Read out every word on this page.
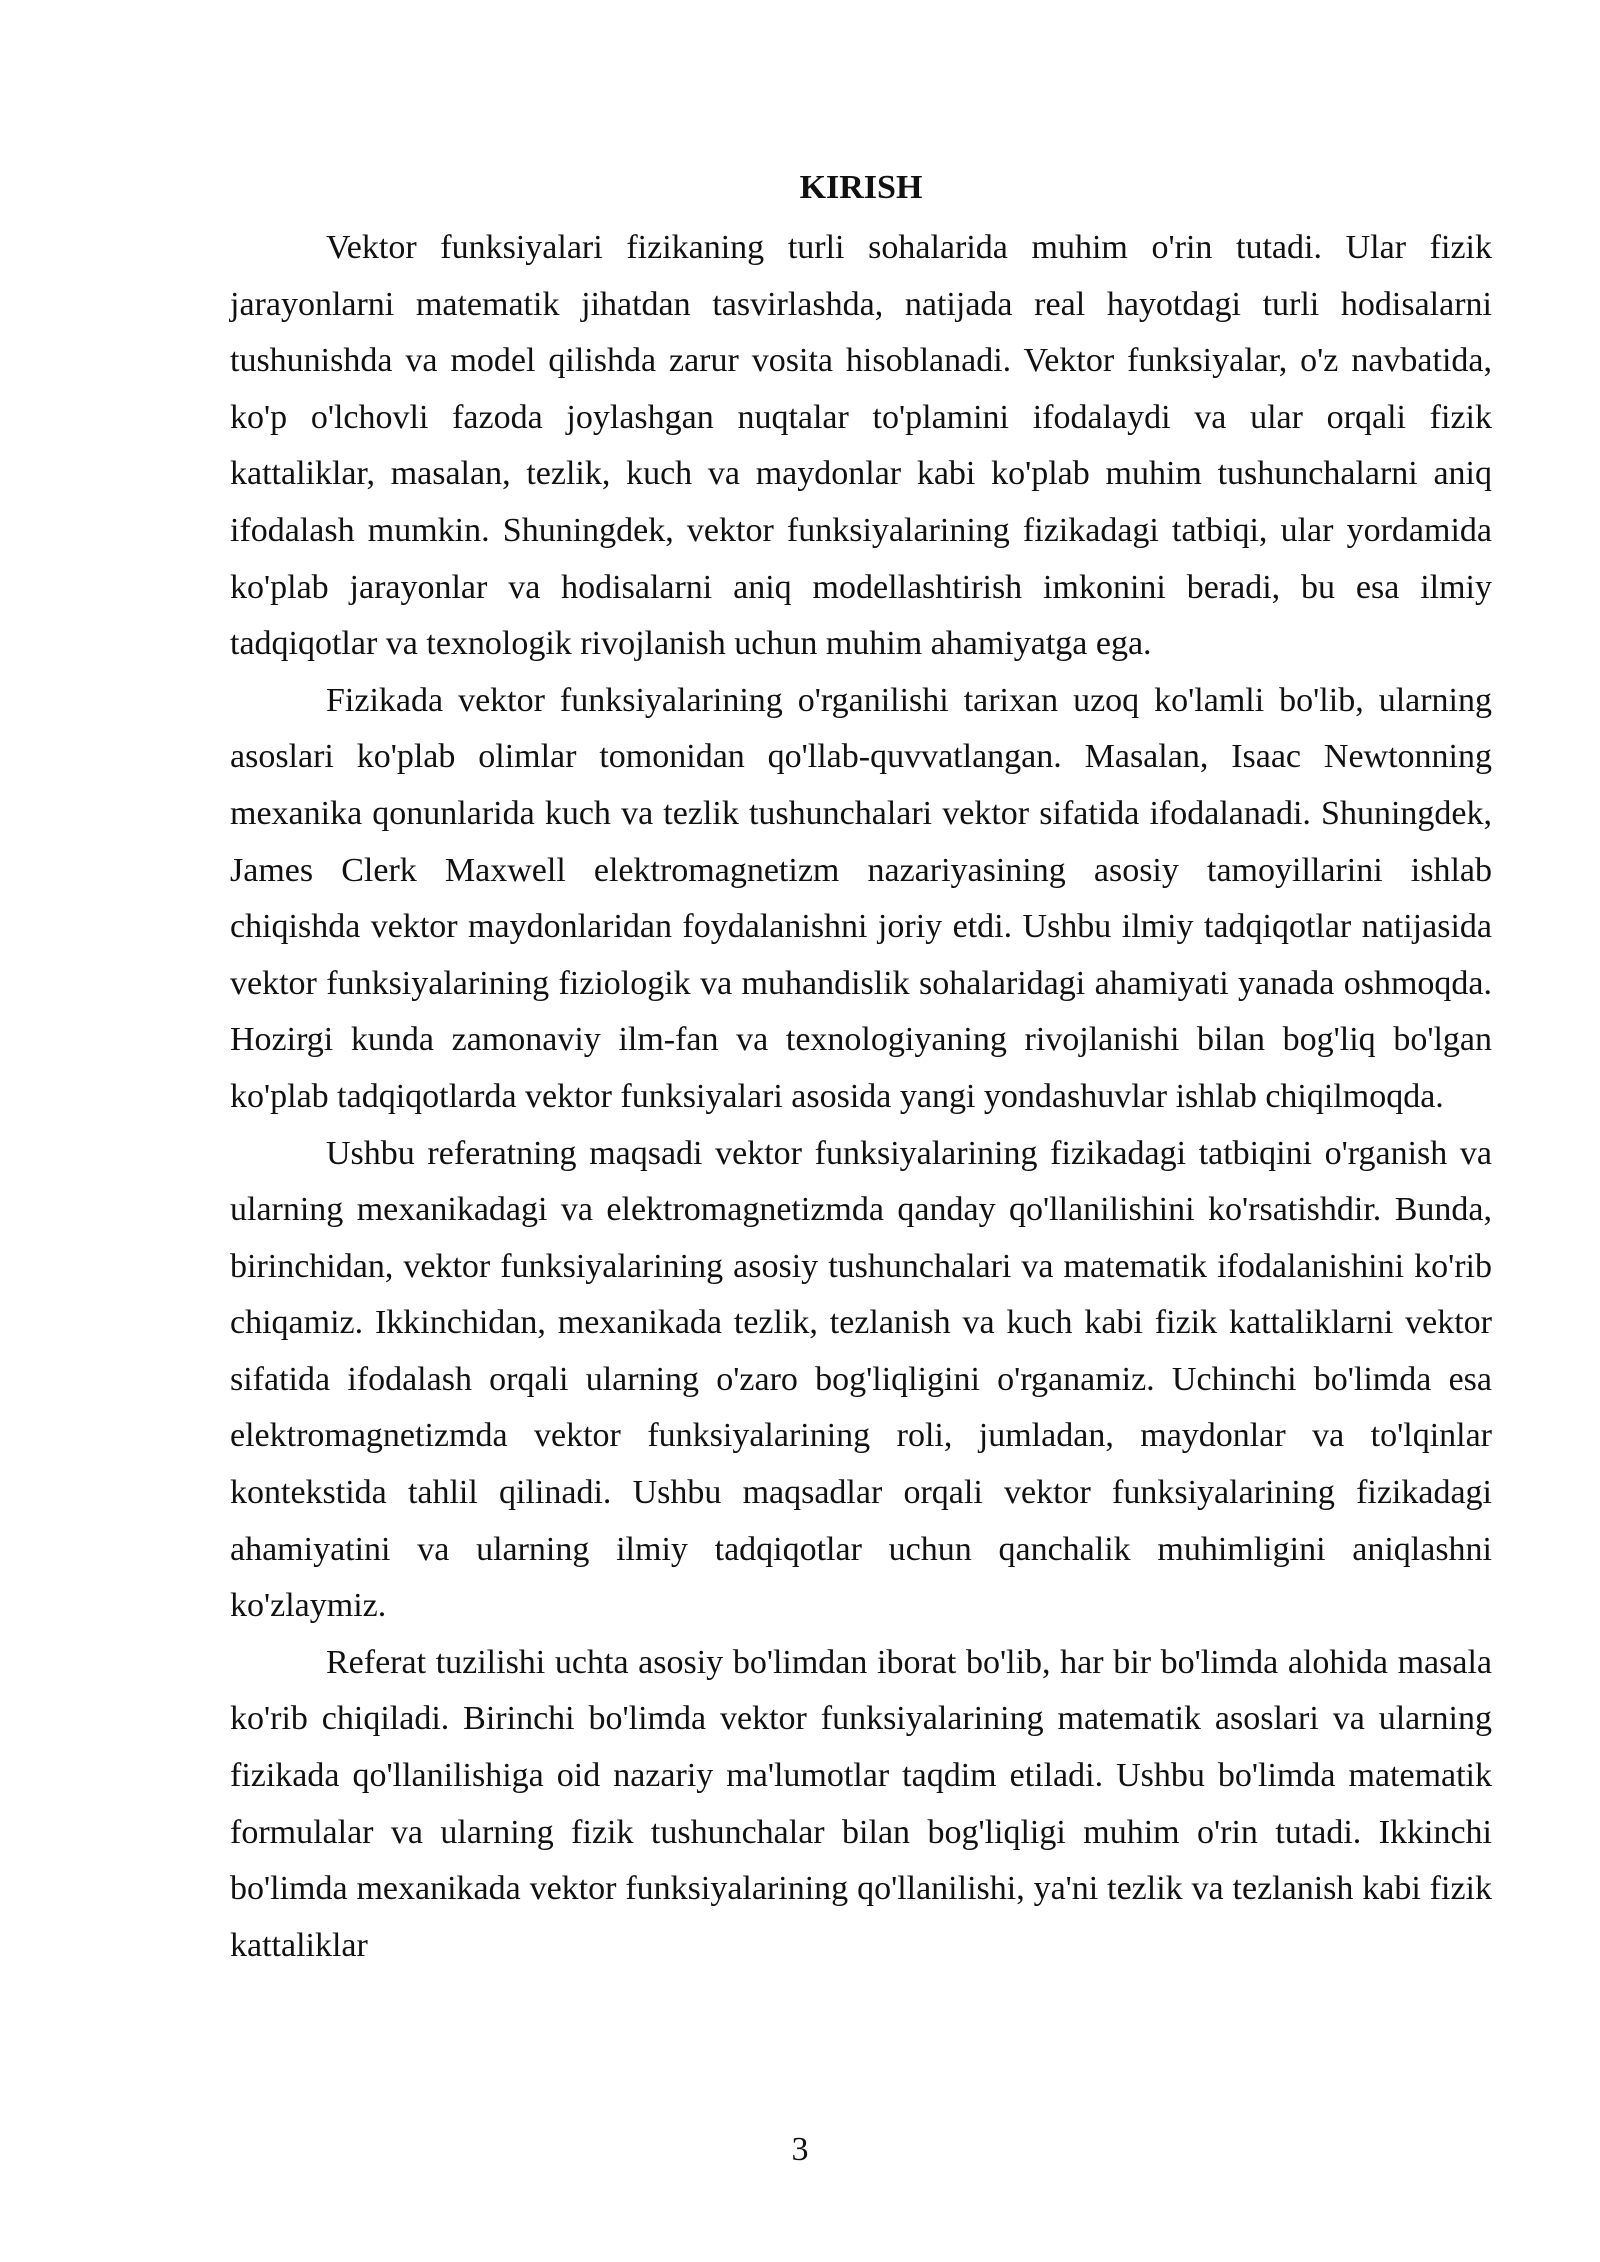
KIRISH

Vektor funksiyalari fizikaning turli sohalarida muhim o'rin tutadi. Ular fizik jarayonlarni matematik jihatdan tasvirlashda, natijada real hayotdagi turli hodisalarni tushunishda va model qilishda zarur vosita hisoblanadi. Vektor funksiyalar, o'z navbatida, ko'p o'lchovli fazoda joylashgan nuqtalar to'plamini ifodalaydi va ular orqali fizik kattaliklar, masalan, tezlik, kuch va maydonlar kabi ko'plab muhim tushunchalarni aniq ifodalash mumkin. Shuningdek, vektor funksiyalarining fizikadagi tatbiqi, ular yordamida ko'plab jarayonlar va hodisalarni aniq modellashtirish imkonini beradi, bu esa ilmiy tadqiqotlar va texnologik rivojlanish uchun muhim ahamiyatga ega.

Fizikada vektor funksiyalarining o'rganilishi tarixan uzoq ko'lamli bo'lib, ularning asoslari ko'plab olimlar tomonidan qo'llab-quvvatlangan. Masalan, Isaac Newtonning mexanika qonunlarida kuch va tezlik tushunchalari vektor sifatida ifodalanadi. Shuningdek, James Clerk Maxwell elektromagnetizm nazariyasining asosiy tamoyillarini ishlab chiqishda vektor maydonlaridan foydalanishni joriy etdi. Ushbu ilmiy tadqiqotlar natijasida vektor funksiyalarining fiziologik va muhandislik sohalaridagi ahamiyati yanada oshmoqda. Hozirgi kunda zamonaviy ilm-fan va texnologiyaning rivojlanishi bilan bog'liq bo'lgan ko'plab tadqiqotlarda vektor funksiyalari asosida yangi yondashuvlar ishlab chiqilmoqda.

Ushbu referatning maqsadi vektor funksiyalarining fizikadagi tatbiqini o'rganish va ularning mexanikadagi va elektromagnetizmda qanday qo'llanilishini ko'rsatishdir. Bunda, birinchidan, vektor funksiyalarining asosiy tushunchalari va matematik ifodalanishini ko'rib chiqamiz. Ikkinchidan, mexanikada tezlik, tezlanish va kuch kabi fizik kattaliklarni vektor sifatida ifodalash orqali ularning o'zaro bog'liqligini o'rganamiz. Uchinchi bo'limda esa elektromagnetizmda vektor funksiyalarining roli, jumladan, maydonlar va to'lqinlar kontekstida tahlil qilinadi. Ushbu maqsadlar orqali vektor funksiyalarining fizikadagi ahamiyatini va ularning ilmiy tadqiqotlar uchun qanchalik muhimligini aniqlashni ko'zlaymiz.

Referat tuzilishi uchta asosiy bo'limdan iborat bo'lib, har bir bo'limda alohida masala ko'rib chiqiladi. Birinchi bo'limda vektor funksiyalarining matematik asoslari va ularning fizikada qo'llanilishiga oid nazariy ma'lumotlar taqdim etiladi. Ushbu bo'limda matematik formulalar va ularning fizik tushunchalar bilan bog'liqligi muhim o'rin tutadi. Ikkinchi bo'limda mexanikada vektor funksiyalarining qo'llanilishi, ya'ni tezlik va tezlanish kabi fizik kattaliklar

3
